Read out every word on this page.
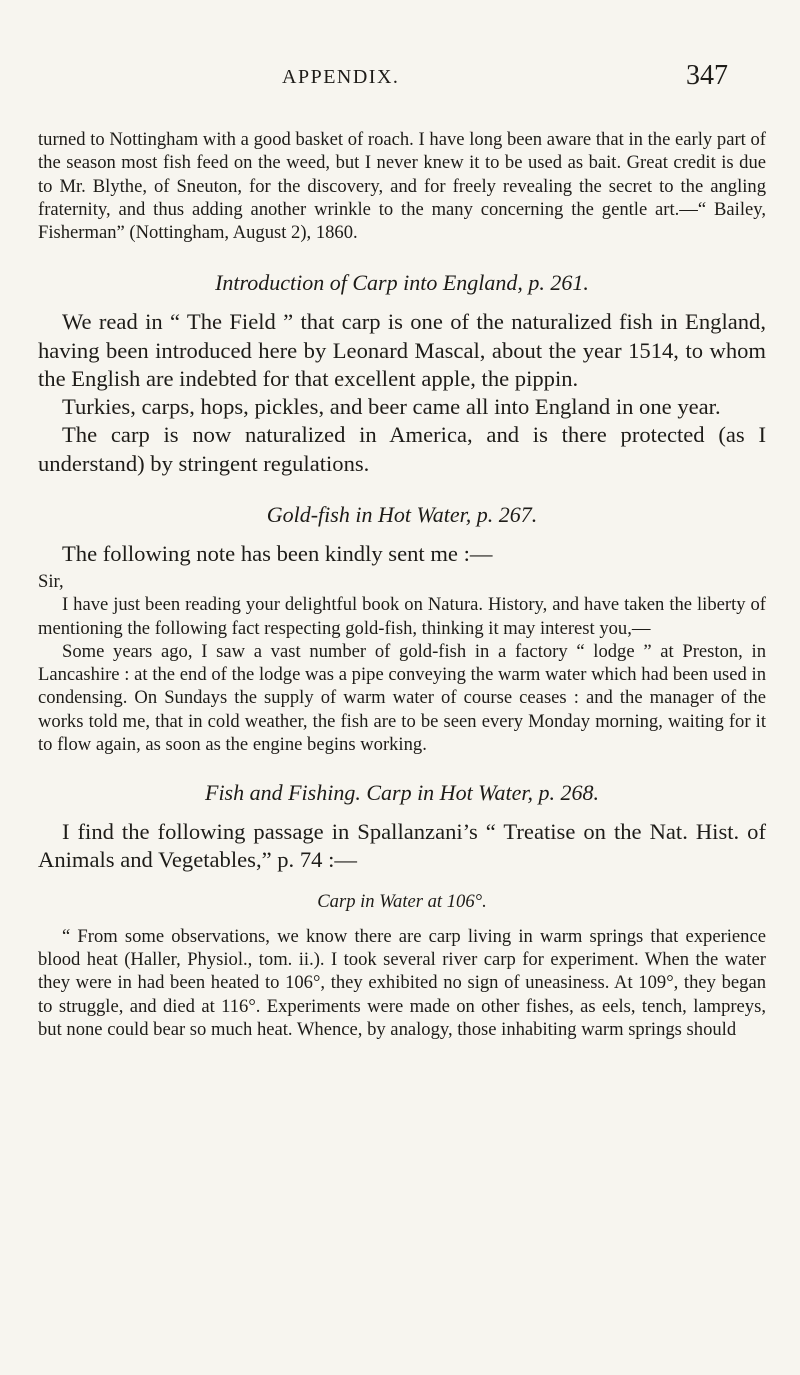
APPENDIX.	347

turned to Nottingham with a good basket of roach. I have long been aware that in the early part of the season most fish feed on the weed, but I never knew it to be used as bait. Great credit is due to Mr. Blythe, of Sneuton, for the discovery, and for freely revealing the secret to the angling fraternity, and thus adding another wrinkle to the many concerning the gentle art.—“ Bailey, Fisherman” (Nottingham, August 2), 1860.

Introduction of Carp into England, p. 261.

We read in “ The Field ” that carp is one of the naturalized fish in England, having been introduced here by Leonard Mascal, about the year 1514, to whom the English are indebted for that excellent apple, the pippin.

Turkies, carps, hops, pickles, and beer came all into England in one year.

The carp is now naturalized in America, and is there protected (as I understand) by stringent regulations.

Gold-fish in Hot Water, p. 267.

The following note has been kindly sent me :—

Sir,

I have just been reading your delightful book on Natura. History, and have taken the liberty of mentioning the following fact respecting gold-fish, thinking it may interest you,—

Some years ago, I saw a vast number of gold-fish in a factory “ lodge ” at Preston, in Lancashire : at the end of the lodge was a pipe conveying the warm water which had been used in condensing. On Sundays the supply of warm water of course ceases : and the manager of the works told me, that in cold weather, the fish are to be seen every Monday morning, waiting for it to flow again, as soon as the engine begins working.

Fish and Fishing. Carp in Hot Water, p. 268.

I find the following passage in Spallanzani’s “ Treatise on the Nat. Hist. of Animals and Vegetables,” p. 74 :—

Carp in Water at 106°.

“ From some observations, we know there are carp living in warm springs that experience blood heat (Haller, Physiol., tom. ii.). I took several river carp for experiment. When the water they were in had been heated to 106°, they exhibited no sign of uneasiness. At 109°, they began to struggle, and died at 116°. Experiments were made on other fishes, as eels, tench, lampreys, but none could bear so much heat. Whence, by analogy, those inhabiting warm springs should
